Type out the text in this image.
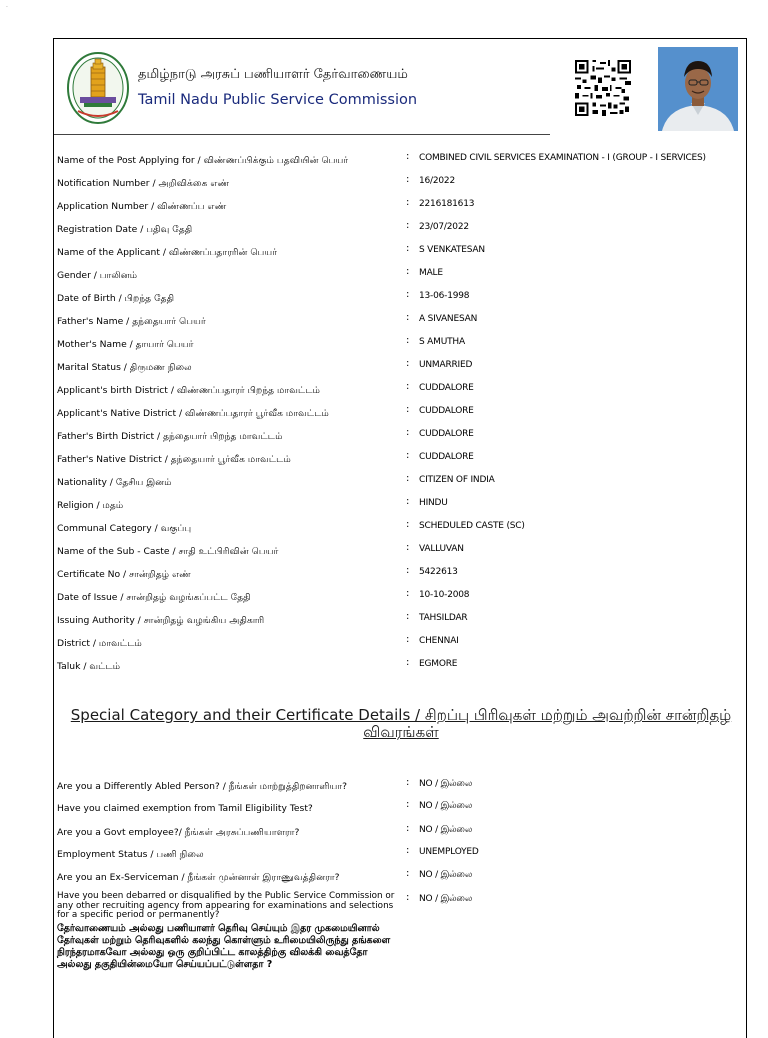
·
தமிழ்நாடு அரசுப் பணியாளர் தேர்வாணையம்
Tamil Nadu Public Service Commission
Name of the Post Applying for / விண்ணப்பிக்கும் பதவியின் பெயர்	: COMBINED CIVIL SERVICES EXAMINATION - I (GROUP - I SERVICES)
Notification Number / அறிவிக்கை எண்	: 16/2022
Application Number / விண்ணப்ப எண்	: 2216181613
Registration Date / பதிவு தேதி	: 23/07/2022
Name of the Applicant / விண்ணப்பதாரரின் பெயர்	: S VENKATESAN
Gender / பாலினம்	: MALE
Date of Birth / பிறந்த தேதி	: 13-06-1998
Father's Name / தந்தையார் பெயர்	: A SIVANESAN
Mother's Name / தாயார் பெயர்	: S AMUTHA
Marital Status / திருமண நிலை	: UNMARRIED
Applicant's birth District / விண்ணப்பதாரர் பிறந்த மாவட்டம்	: CUDDALORE
Applicant's Native District / விண்ணப்பதாரர் பூர்வீக மாவட்டம்	: CUDDALORE
Father's Birth District / தந்தையார் பிறந்த மாவட்டம்	: CUDDALORE
Father's Native District / தந்தையார் பூர்வீக மாவட்டம்	: CUDDALORE
Nationality / தேசிய இனம்	: CITIZEN OF INDIA
Religion / மதம்	: HINDU
Communal Category / வகுப்பு	: SCHEDULED CASTE (SC)
Name of the Sub - Caste / சாதி உட்பிரிவின் பெயர்	: VALLUVAN
Certificate No / சான்றிதழ் எண்	: 5422613
Date of Issue / சான்றிதழ் வழங்கப்பட்ட தேதி	: 10-10-2008
Issuing Authority / சான்றிதழ் வழங்கிய அதிகாரி	: TAHSILDAR
District / மாவட்டம்	: CHENNAI
Taluk / வட்டம்	: EGMORE
Special Category and their Certificate Details / சிறப்பு பிரிவுகள் மற்றும் அவற்றின் சான்றிதழ் விவரங்கள்
Are you a Differently Abled Person? / நீங்கள் மாற்றுத்திறனாளியா?	: NO / இல்லை
Have you claimed exemption from Tamil Eligibility Test?	: NO / இல்லை
Are you a Govt employee?/ நீங்கள் அரசுப்பணியாளரா?	: NO / இல்லை
Employment Status / பணி நிலை	: UNEMPLOYED
Are you an Ex-Serviceman / நீங்கள் முன்னாள் இராணுவத்தினரா?	: NO / இல்லை
Have you been debarred or disqualified by the Public Service Commission or any other recruiting agency from appearing for examinations and selections for a specific period or permanently?
தேர்வாணையம் அல்லது பணியாளர் தெரிவு செய்யும் இதர முகமையினால் தேர்வுகள் மற்றும் தெரிவுகளில் கலந்து கொள்ளும் உரிமையிலிருந்து தங்களை நிரந்தரமாகவோ அல்லது ஒரு குறிப்பிட்ட காலத்திற்கு விலக்கி வைத்தோ அல்லது தகுதியின்மையோ செய்யப்பட்டுள்ளதா ?
: NO / இல்லை
